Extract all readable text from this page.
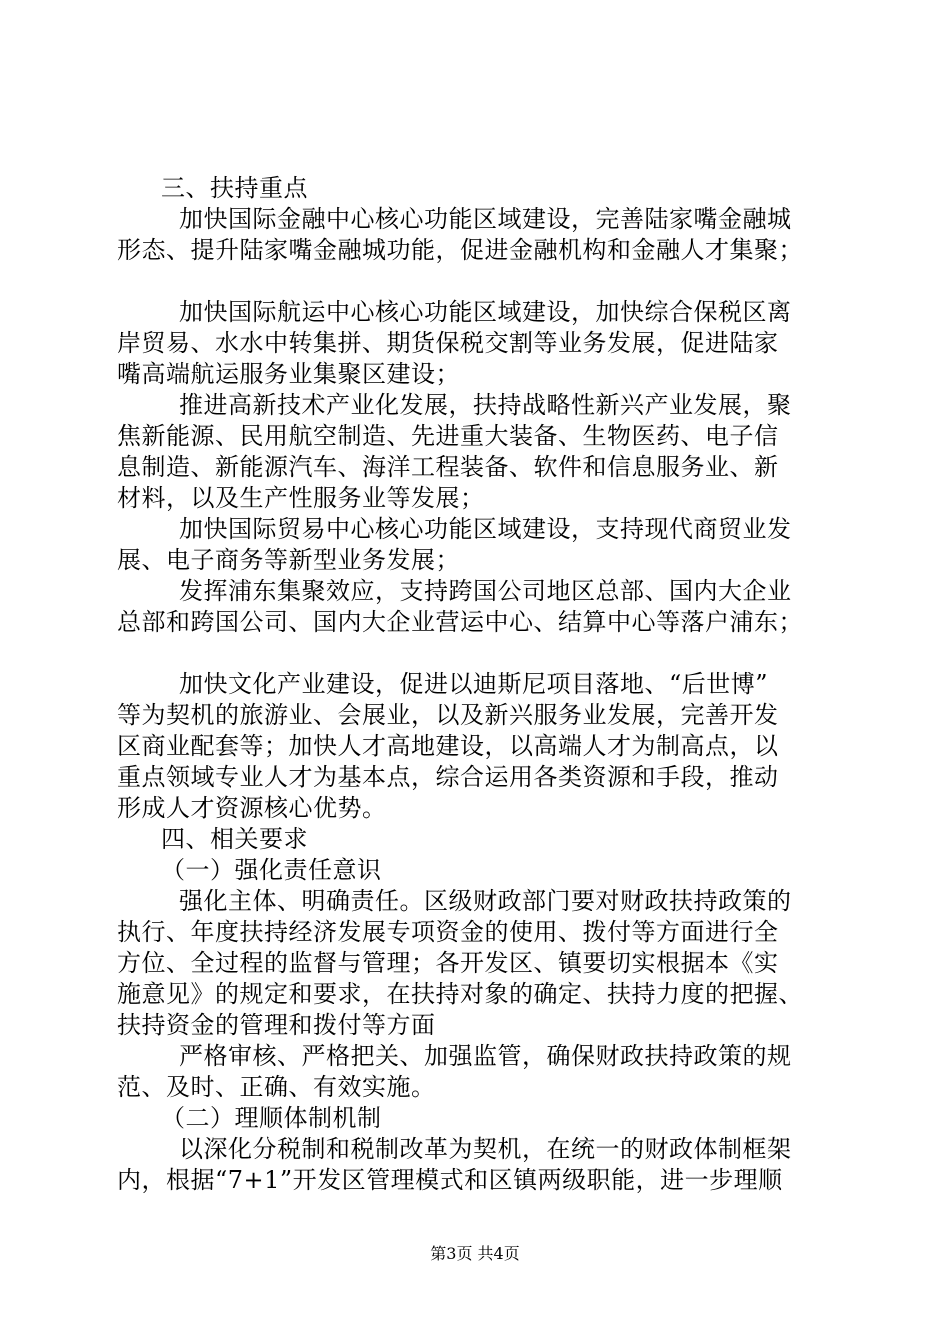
三、扶持重点
加快国际金融中心核心功能区域建设，完善陆家嘴金融城
形态、提升陆家嘴金融城功能，促进金融机构和金融人才集聚；
加快国际航运中心核心功能区域建设，加快综合保税区离
岸贸易、水水中转集拼、期货保税交割等业务发展，促进陆家
嘴高端航运服务业集聚区建设；
推进高新技术产业化发展，扶持战略性新兴产业发展，聚
焦新能源、民用航空制造、先进重大装备、生物医药、电子信
息制造、新能源汽车、海洋工程装备、软件和信息服务业、新
材料，以及生产性服务业等发展；
加快国际贸易中心核心功能区域建设，支持现代商贸业发
展、电子商务等新型业务发展；
发挥浦东集聚效应，支持跨国公司地区总部、国内大企业
总部和跨国公司、国内大企业营运中心、结算中心等落户浦东；
加快文化产业建设，促进以迪斯尼项目落地、“后世博”
等为契机的旅游业、会展业，以及新兴服务业发展，完善开发
区商业配套等；加快人才高地建设，以高端人才为制高点，以
重点领域专业人才为基本点，综合运用各类资源和手段，推动
形成人才资源核心优势。
四、相关要求
（一）强化责任意识
强化主体、明确责任。区级财政部门要对财政扶持政策的
执行、年度扶持经济发展专项资金的使用、拨付等方面进行全
方位、全过程的监督与管理；各开发区、镇要切实根据本《实
施意见》的规定和要求，在扶持对象的确定、扶持力度的把握、
扶持资金的管理和拨付等方面
严格审核、严格把关、加强监管，确保财政扶持政策的规
范、及时、正确、有效实施。
（二）理顺体制机制
以深化分税制和税制改革为契机，在统一的财政体制框架
内，根据“7+1”开发区管理模式和区镇两级职能，进一步理顺
第3页 共4页
